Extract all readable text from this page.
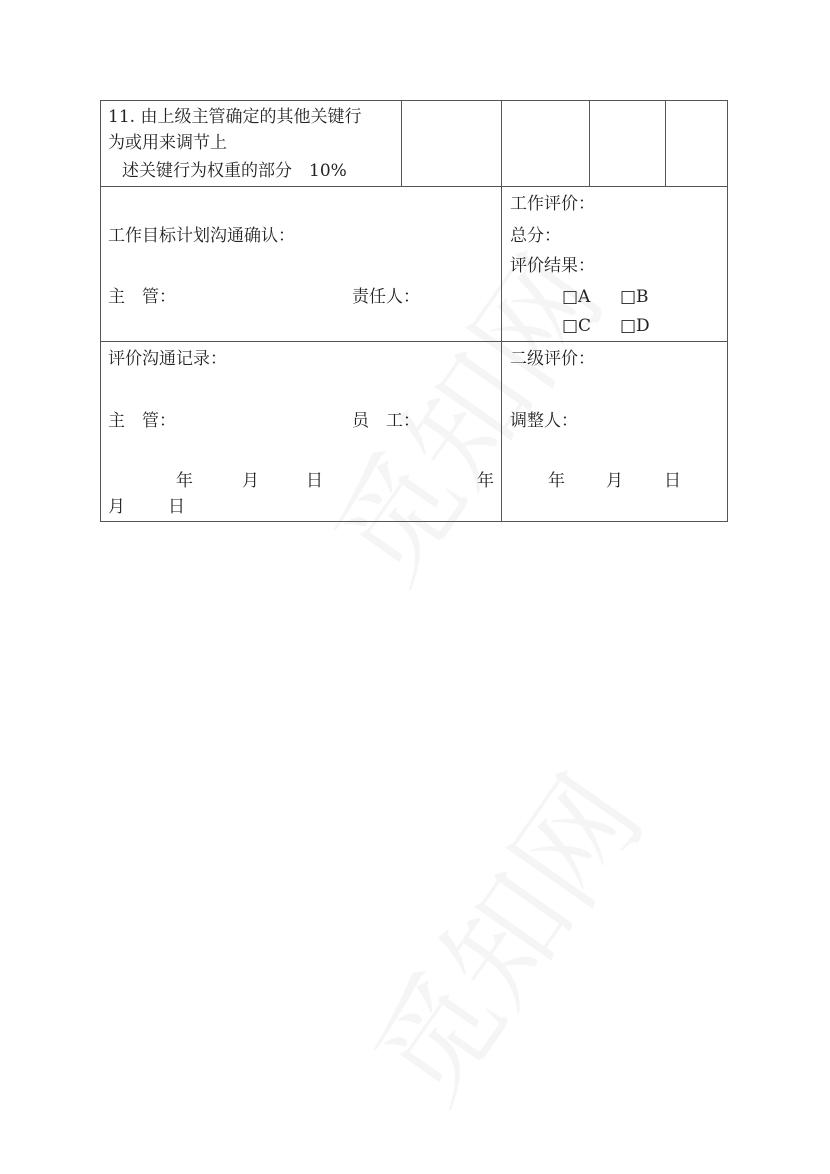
11. 由上级主管确定的其他关键行
为或用来调节上
述关键行为权重的部分　10%
工作目标计划沟通确认：
主　管：	责任人：
工作评价：
总分：
评价结果：
□A □B
□C □D
评价沟通记录：
主　管：	员　工：
年	月	日	年
月	日
二级评价：
调整人：
年 月 日
